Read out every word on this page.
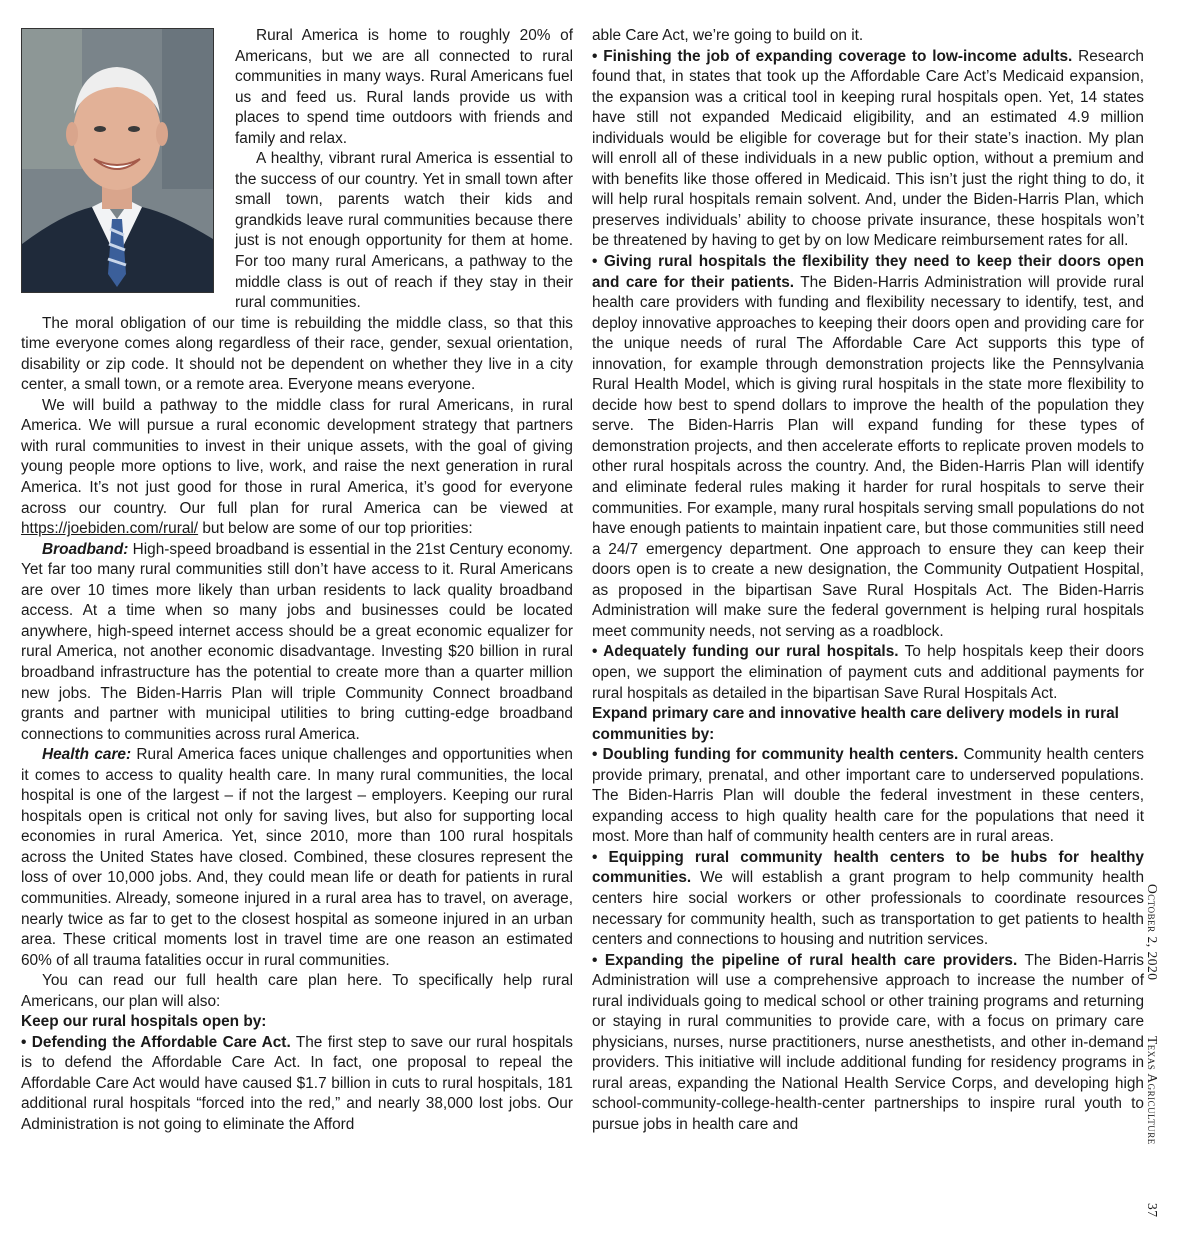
Rural America is home to roughly 20% of Americans, but we are all connected to rural communities in many ways. Rural Americans fuel us and feed us. Rural lands provide us with places to spend time outdoors with friends and family and relax.

A healthy, vibrant rural America is essential to the success of our country. Yet in small town after small town, parents watch their kids and grandkids leave rural communities because there just is not enough opportunity for them at home. For too many rural Americans, a pathway to the middle class is out of reach if they stay in their rural communities.

The moral obligation of our time is rebuilding the middle class, so that this time everyone comes along regardless of their race, gender, sexual orientation, disability or zip code. It should not be dependent on whether they live in a city center, a small town, or a remote area. Everyone means everyone.

We will build a pathway to the middle class for rural Americans, in rural America. We will pursue a rural economic development strategy that partners with rural communities to invest in their unique assets, with the goal of giving young people more options to live, work, and raise the next generation in rural America. It’s not just good for those in rural America, it’s good for everyone across our country. Our full plan for rural America can be viewed at https://joebiden.com/rural/ but below are some of our top priorities:

Broadband: High-speed broadband is essential in the 21st Century economy. Yet far too many rural communities still don’t have access to it. Rural Americans are over 10 times more likely than urban residents to lack quality broadband access. At a time when so many jobs and businesses could be located anywhere, high-speed internet access should be a great economic equalizer for rural America, not another economic disadvantage. Investing $20 billion in rural broadband infrastructure has the potential to create more than a quarter million new jobs. The Biden-Harris Plan will triple Community Connect broadband grants and partner with municipal utilities to bring cutting-edge broadband connections to communities across rural America.

Health care: Rural America faces unique challenges and opportunities when it comes to access to quality health care. In many rural communities, the local hospital is one of the largest – if not the largest – employers. Keeping our rural hospitals open is critical not only for saving lives, but also for supporting local economies in rural America. Yet, since 2010, more than 100 rural hospitals across the United States have closed. Combined, these closures represent the loss of over 10,000 jobs. And, they could mean life or death for patients in rural communities. Already, someone injured in a rural area has to travel, on average, nearly twice as far to get to the closest hospital as someone injured in an urban area. These critical moments lost in travel time are one reason an estimated 60% of all trauma fatalities occur in rural communities.

You can read our full health care plan here. To specifically help rural Americans, our plan will also:

Keep our rural hospitals open by:

• Defending the Affordable Care Act. The first step to save our rural hospitals is to defend the Affordable Care Act. In fact, one proposal to repeal the Affordable Care Act would have caused $1.7 billion in cuts to rural hospitals, 181 additional rural hospitals “forced into the red,” and nearly 38,000 lost jobs. Our Administration is not going to eliminate the Afford

able Care Act, we’re going to build on it.

• Finishing the job of expanding coverage to low-income adults. Research found that, in states that took up the Affordable Care Act’s Medicaid expansion, the expansion was a critical tool in keeping rural hospitals open. Yet, 14 states have still not expanded Medicaid eligibility, and an estimated 4.9 million individuals would be eligible for coverage but for their state’s inaction. My plan will enroll all of these individuals in a new public option, without a premium and with benefits like those offered in Medicaid. This isn’t just the right thing to do, it will help rural hospitals remain solvent. And, under the Biden-Harris Plan, which preserves individuals’ ability to choose private insurance, these hospitals won’t be threatened by having to get by on low Medicare reimbursement rates for all.

• Giving rural hospitals the flexibility they need to keep their doors open and care for their patients. The Biden-Harris Administration will provide rural health care providers with funding and flexibility necessary to identify, test, and deploy innovative approaches to keeping their doors open and providing care for the unique needs of rural The Affordable Care Act supports this type of innovation, for example through demonstration projects like the Pennsylvania Rural Health Model, which is giving rural hospitals in the state more flexibility to decide how best to spend dollars to improve the health of the population they serve. The Biden-Harris Plan will expand funding for these types of demonstration projects, and then accelerate efforts to replicate proven models to other rural hospitals across the country. And, the Biden-Harris Plan will identify and eliminate federal rules making it harder for rural hospitals to serve their communities. For example, many rural hospitals serving small populations do not have enough patients to maintain inpatient care, but those communities still need a 24/7 emergency department. One approach to ensure they can keep their doors open is to create a new designation, the Community Outpatient Hospital, as proposed in the bipartisan Save Rural Hospitals Act. The Biden-Harris Administration will make sure the federal government is helping rural hospitals meet community needs, not serving as a roadblock.

• Adequately funding our rural hospitals. To help hospitals keep their doors open, we support the elimination of payment cuts and additional payments for rural hospitals as detailed in the bipartisan Save Rural Hospitals Act.

Expand primary care and innovative health care delivery models in rural communities by:

• Doubling funding for community health centers. Community health centers provide primary, prenatal, and other important care to underserved populations. The Biden-Harris Plan will double the federal investment in these centers, expanding access to high quality health care for the populations that need it most. More than half of community health centers are in rural areas.

• Equipping rural community health centers to be hubs for healthy communities. We will establish a grant program to help community health centers hire social workers or other professionals to coordinate resources necessary for community health, such as transportation to get patients to health centers and connections to housing and nutrition services.

• Expanding the pipeline of rural health care providers. The Biden-Harris Administration will use a comprehensive approach to increase the number of rural individuals going to medical school or other training programs and returning or staying in rural communities to provide care, with a focus on primary care physicians, nurses, nurse practitioners, nurse anesthetists, and other in-demand providers. This initiative will include additional funding for residency programs in rural areas, expanding the National Health Service Corps, and developing high school-community-college-health-center partnerships to inspire rural youth to pursue jobs in health care and

October 2, 2020
Texas Agriculture
37
